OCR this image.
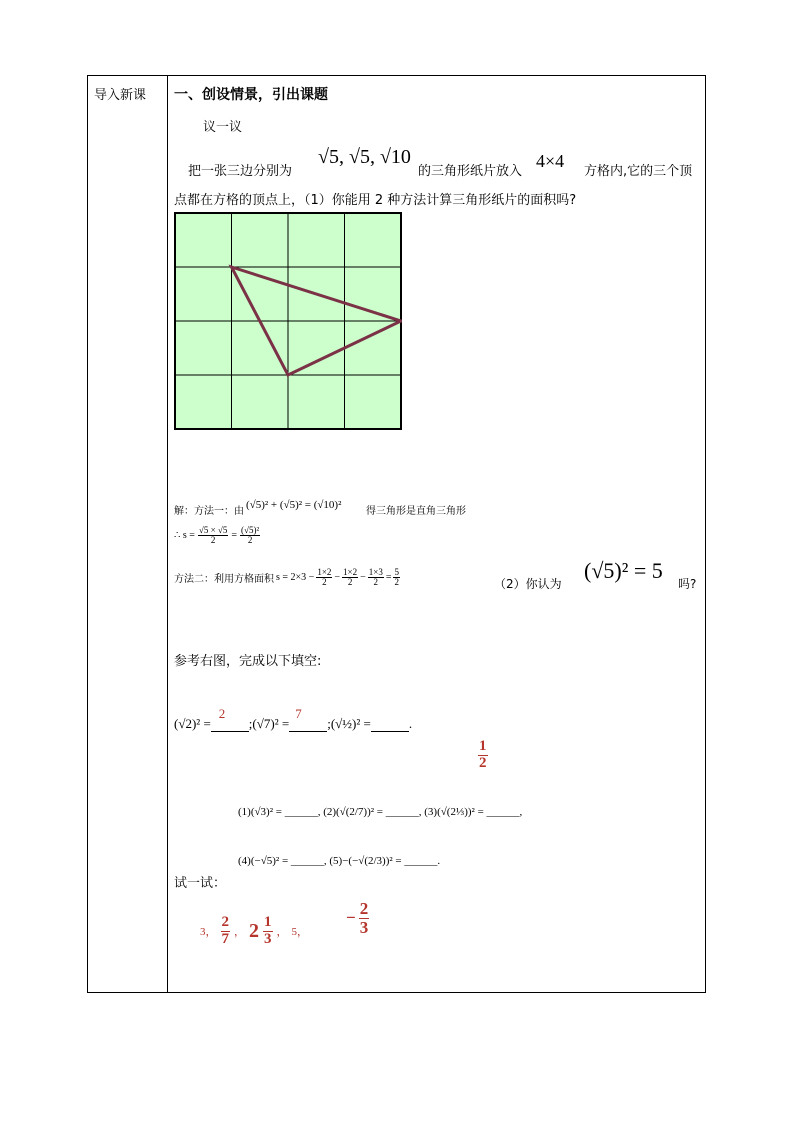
导入新课 一、创设情景，引出课题
议一议
把一张三边分别为
√5, √5, √10
的三角形纸片放入
4×4
方格内,它的三个顶
点都在方格的顶点上，（1）你能用 2 种方法计算三角形纸片的面积吗?
解：方法一：由
(√5)² + (√5)² = (√10)²
得三角形是直角三角形
∴ $s = \frac{√5 \times √5}{2} = \frac{\text{(√5)²}}{2}$
方法二：利用方格面积 $s = 2\times 3 - \frac{1\times 2}{2} - \frac{1\times 2}{2} - \frac{1\times 3}{2} = \frac{5}{2}$	（2）你认为
(√5)² = 5
吗?
参考右图，完成以下填空:
(√2)² =
2

; (√7)² =
7

; (√½)² =
	.
$\frac{1}{2}$
(1)(√3)² = ______, (2)(√(2/7))² = ______, (3)(√(2⅓))² = ______,
(4)(−√5)² = ______, (5)−(−√(2/3))² = ______.
试一试：
3， $\frac{2}{7}$ ， $2 \frac{1}{3}$ ， 5，
− $\frac{2}{3}$
